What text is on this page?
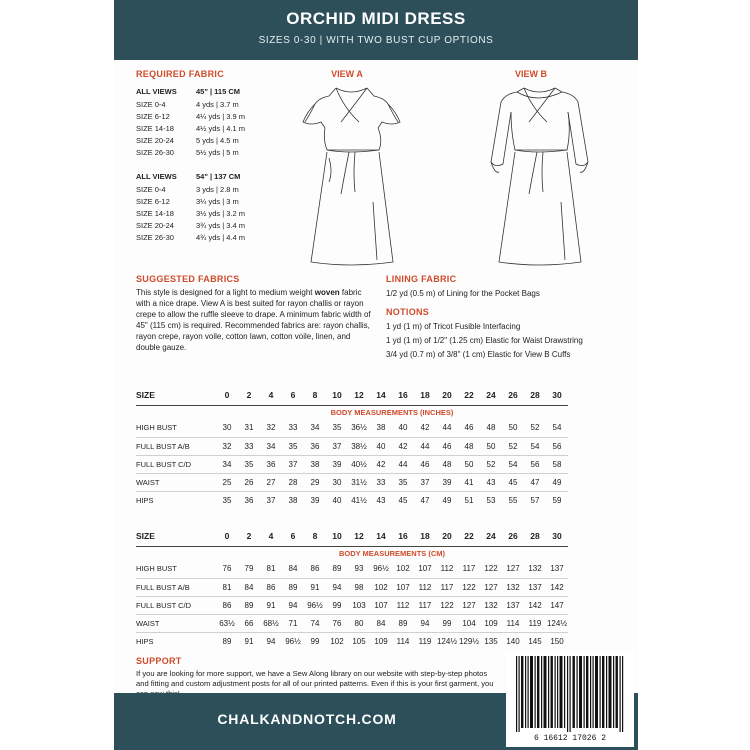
ORCHID MIDI DRESS
SIZES 0-30 | WITH TWO BUST CUP OPTIONS
REQUIRED FABRIC
ALL VIEWS	45" | 115 CM
SIZE 0-4	4 yds | 3.7 m
SIZE 6-12	4¼ yds | 3.9 m
SIZE 14-18	4½ yds | 4.1 m
SIZE 20-24	5 yds | 4.5 m
SIZE 26-30	5½ yds | 5 m
ALL VIEWS	54" | 137 CM
SIZE 0-4	3 yds | 2.8 m
SIZE 6-12	3¼ yds | 3 m
SIZE 14-18	3½ yds | 3.2 m
SIZE 20-24	3¾ yds | 3.4 m
SIZE 26-30	4¾ yds | 4.4 m
VIEW A	VIEW B
SUGGESTED FABRICS
This style is designed for a light to medium weight woven fabric with a nice drape. View A is best suited for rayon challis or rayon crepe to allow the ruffle sleeve to drape. A minimum fabric width of 45" (115 cm) is required. Recommended fabrics are: rayon challis, rayon crepe, rayon voile, cotton lawn, cotton voile, linen, and double gauze.
LINING FABRIC
1/2 yd (0.5 m) of Lining for the Pocket Bags
NOTIONS
1 yd (1 m) of Tricot Fusible Interfacing
1 yd (1 m) of 1/2" (1.25 cm) Elastic for Waist Drawstring
3/4 yd (0.7 m) of 3/8" (1 cm) Elastic for View B Cuffs
SIZE	0	2	4	6	8	10	12	14	16	18	20	22	24	26	28	30
	BODY MEASUREMENTS (INCHES)															
HIGH BUST	30	31	32	33	34	35	36½	38	40	42	44	46	48	50	52	54
FULL BUST A/B	32	33	34	35	36	37	38½	40	42	44	46	48	50	52	54	56
FULL BUST C/D	34	35	36	37	38	39	40½	42	44	46	48	50	52	54	56	58
WAIST	25	26	27	28	29	30	31½	33	35	37	39	41	43	45	47	49
HIPS	35	36	37	38	39	40	41½	43	45	47	49	51	53	55	57	59
SIZE	0	2	4	6	8	10	12	14	16	18	20	22	24	26	28	30
	BODY MEASUREMENTS (CM)															
HIGH BUST	76	79	81	84	86	89	93	96½	102	107	112	117	122	127	132	137
FULL BUST A/B	81	84	86	89	91	94	98	102	107	112	117	122	127	132	137	142
FULL BUST C/D	86	89	91	94	96½	99	103	107	112	117	122	127	132	137	142	147
WAIST	63½	66	68½	71	74	76	80	84	89	94	99	104	109	114	119	124½
HIPS	89	91	94	96½	99	102	105	109	114	119	124½	129½	135	140	145	150
SUPPORT
If you are looking for more support, we have a Sew Along library on our website with step-by-step photos and fitting and custom adjustment posts for all of our printed patterns. Even if this is your first garment, you
CHALKANDNOTCH.COM
6 16612 17026 2
